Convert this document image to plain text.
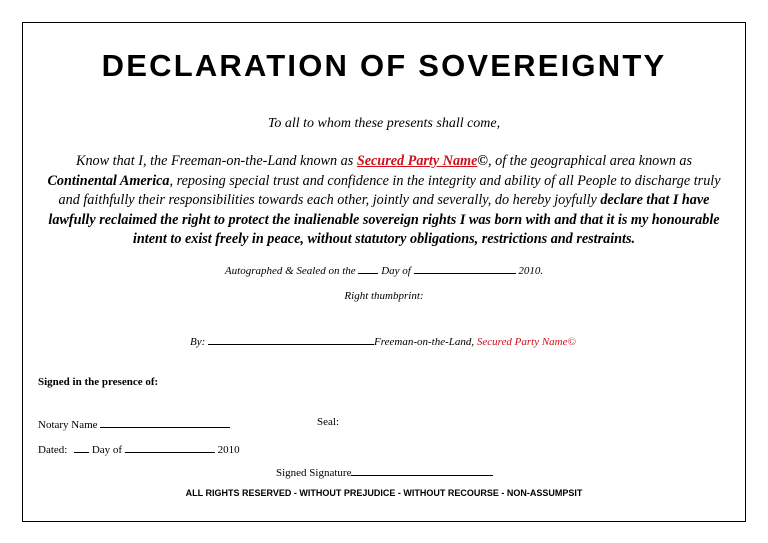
DECLARATION OF SOVEREIGNTY
To all to whom these presents shall come,
Know that I, the Freeman-on-the-Land known as Secured Party Name©, of the geographical area known as Continental America, reposing special trust and confidence in the integrity and ability of all People to discharge truly and faithfully their responsibilities towards each other, jointly and severally, do hereby joyfully declare that I have lawfully reclaimed the right to protect the inalienable sovereign rights I was born with and that it is my honourable intent to exist freely in peace, without statutory obligations, restrictions and restraints.
Autographed & Sealed on the Day of	2010.
Right thumbprint:
By:	Freeman-on-the-Land, Secured Party Name©
Signed in the presence of:
Notary Name	Seal:
Dated: Day of	2010
Signed Signature
ALL RIGHTS RESERVED - WITHOUT PREJUDICE - WITHOUT RECOURSE - NON-ASSUMPSIT
